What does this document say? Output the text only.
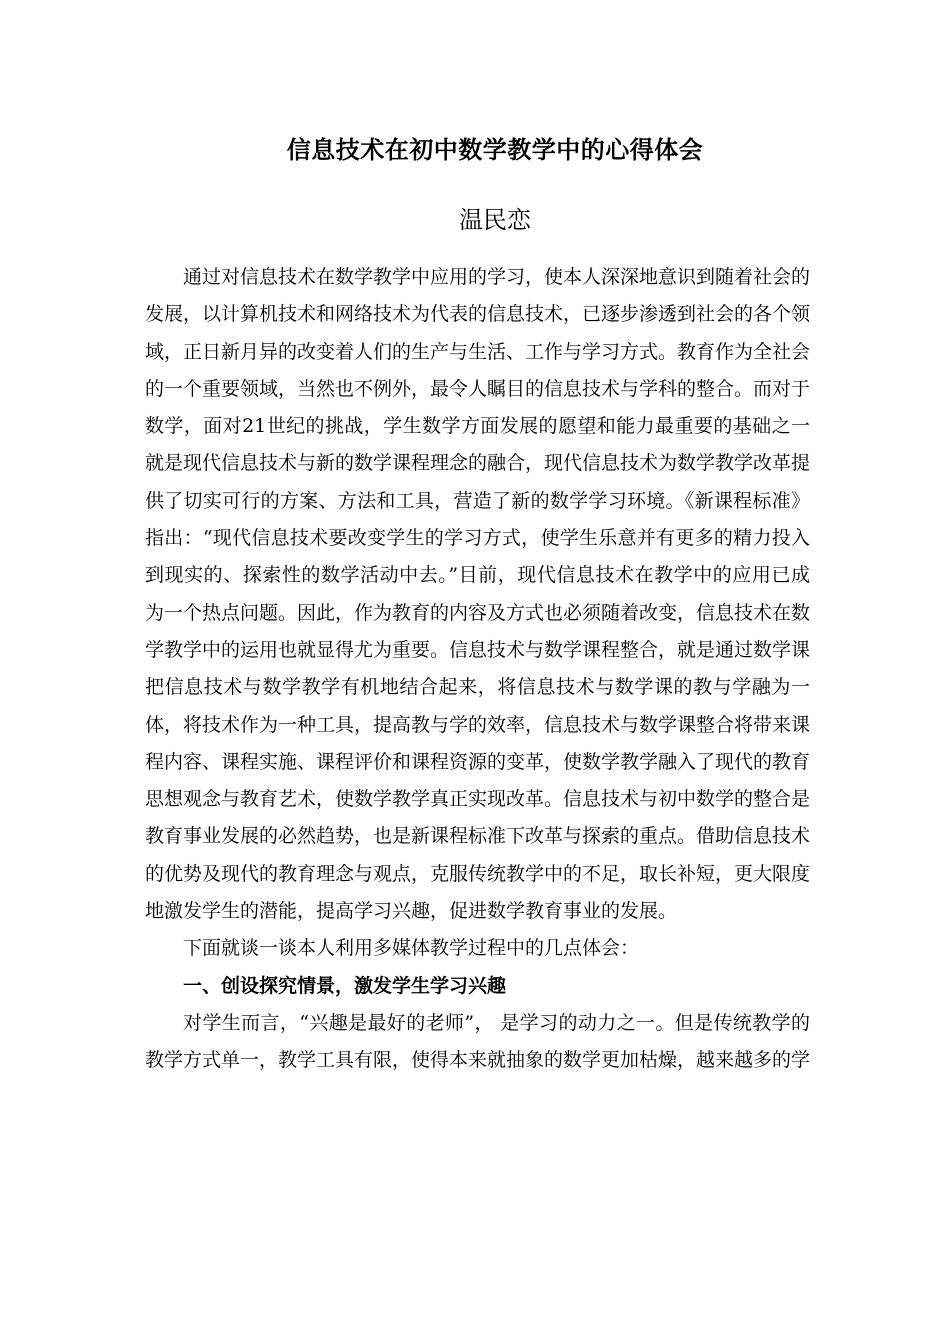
信息技术在初中数学教学中的心得体会
温民恋

通过对信息技术在数学教学中应用的学习，使本人深深地意识到随着社会的发展，以计算机技术和网络技术为代表的信息技术，已逐步渗透到社会的各个领域，正日新月异的改变着人们的生产与生活、工作与学习方式。教育作为全社会的一个重要领域，当然也不例外，最令人瞩目的信息技术与学科的整合。而对于数学，面对21世纪的挑战，学生数学方面发展的愿望和能力最重要的基础之一就是现代信息技术与新的数学课程理念的融合，现代信息技术为数学教学改革提供了切实可行的方案、方法和工具，营造了新的数学学习环境。《新课程标准》指出：“现代信息技术要改变学生的学习方式，使学生乐意并有更多的精力投入到现实的、探索性的数学活动中去。”目前，现代信息技术在教学中的应用已成为一个热点问题。因此，作为教育的内容及方式也必须随着改变，信息技术在数学教学中的运用也就显得尤为重要。信息技术与数学课程整合，就是通过数学课把信息技术与数学教学有机地结合起来，将信息技术与数学课的教与学融为一体，将技术作为一种工具，提高教与学的效率，信息技术与数学课整合将带来课程内容、课程实施、课程评价和课程资源的变革，使数学教学融入了现代的教育思想观念与教育艺术，使数学教学真正实现改革。信息技术与初中数学的整合是教育事业发展的必然趋势，也是新课程标准下改革与探索的重点。借助信息技术的优势及现代的教育理念与观点，克服传统教学中的不足，取长补短，更大限度地激发学生的潜能，提高学习兴趣，促进数学教育事业的发展。

下面就谈一谈本人利用多媒体教学过程中的几点体会：

一、创设探究情景，激发学生学习兴趣

对学生而言，“兴趣是最好的老师”， 是学习的动力之一。但是传统教学的教学方式单一，教学工具有限，使得本来就抽象的数学更加枯燥，越来越多的学
